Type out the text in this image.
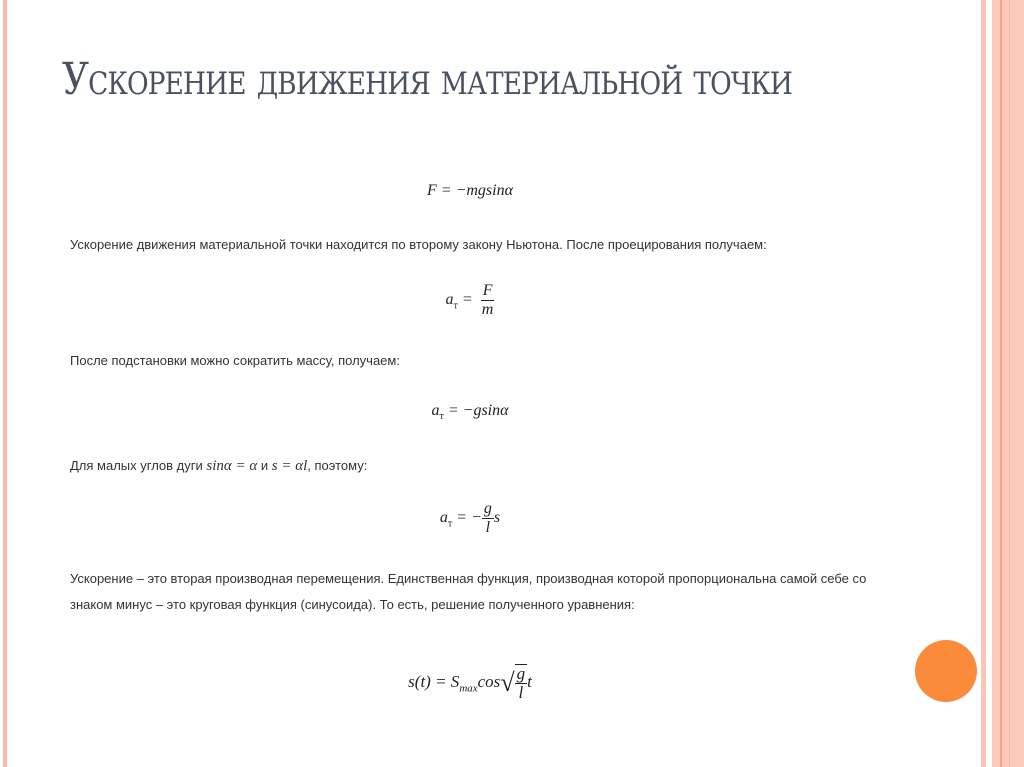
Ускорение движения материальной точки
F = −mgsinα
Ускорение движения материальной точки находится по второму закону Ньютона. После проецирования получаем:
$a_т = \frac{F}{m}$
После подстановки можно сократить массу, получаем:
$a_т = -gsin\alpha$
Для малых углов дуги sinα = α и s = αl, поэтому:
$a_т$ = − $\frac{g}{l}$ s
Ускорение – это вторая производная перемещения. Единственная функция, производная которой пропорциональна самой себе со знаком минус – это круговая функция (синусоида). То есть, решение полученного уравнения:
$s(t) = S_{max}\cos√ \frac{g}{l}$ t
